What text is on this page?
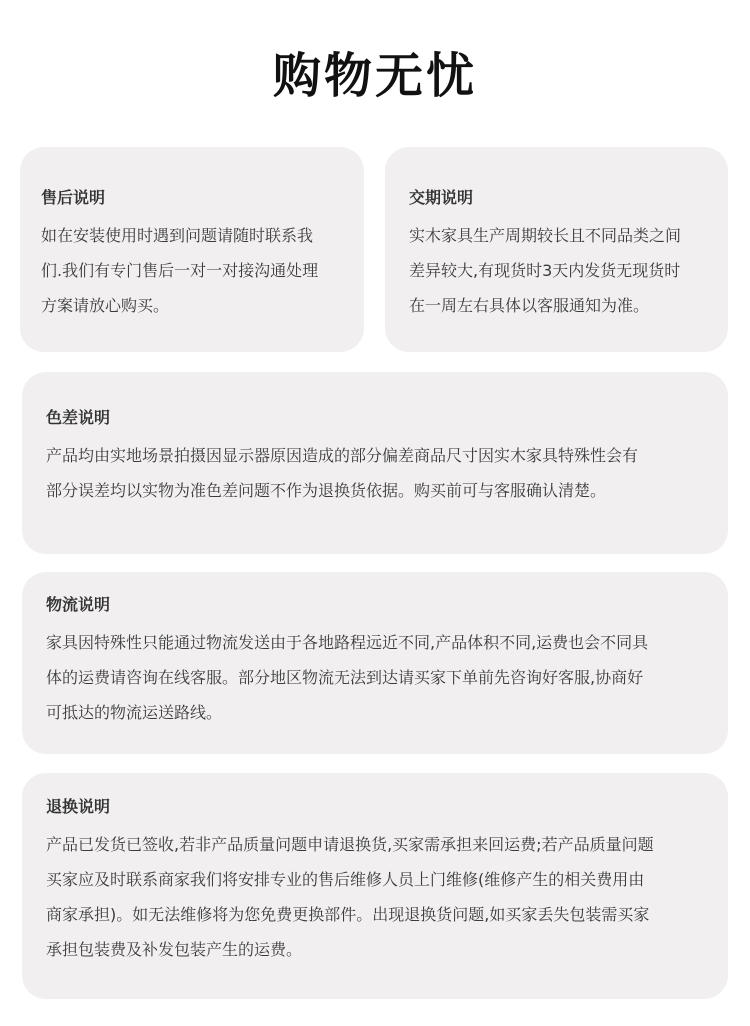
购物无忧
售后说明
如在安装使用时遇到问题请随时联系我
们.我们有专门售后一对一对接沟通处理
方案请放心购买。
交期说明
实木家具生产周期较长且不同品类之间
差异较大,有现货时3天内发货无现货时
在一周左右具体以客服通知为准。
色差说明
产品均由实地场景拍摄因显示器原因造成的部分偏差商品尺寸因实木家具特殊性会有
部分误差均以实物为准色差问题不作为退换货依据。购买前可与客服确认清楚。
物流说明
家具因特殊性只能通过物流发送由于各地路程远近不同,产品体积不同,运费也会不同具
体的运费请咨询在线客服。部分地区物流无法到达请买家下单前先咨询好客服,协商好
可抵达的物流运送路线。
退换说明
产品已发货已签收,若非产品质量问题申请退换货,买家需承担来回运费;若产品质量问题
买家应及时联系商家我们将安排专业的售后维修人员上门维修(维修产生的相关费用由
商家承担)。如无法维修将为您免费更换部件。出现退换货问题,如买家丢失包装需买家
承担包装费及补发包装产生的运费。
